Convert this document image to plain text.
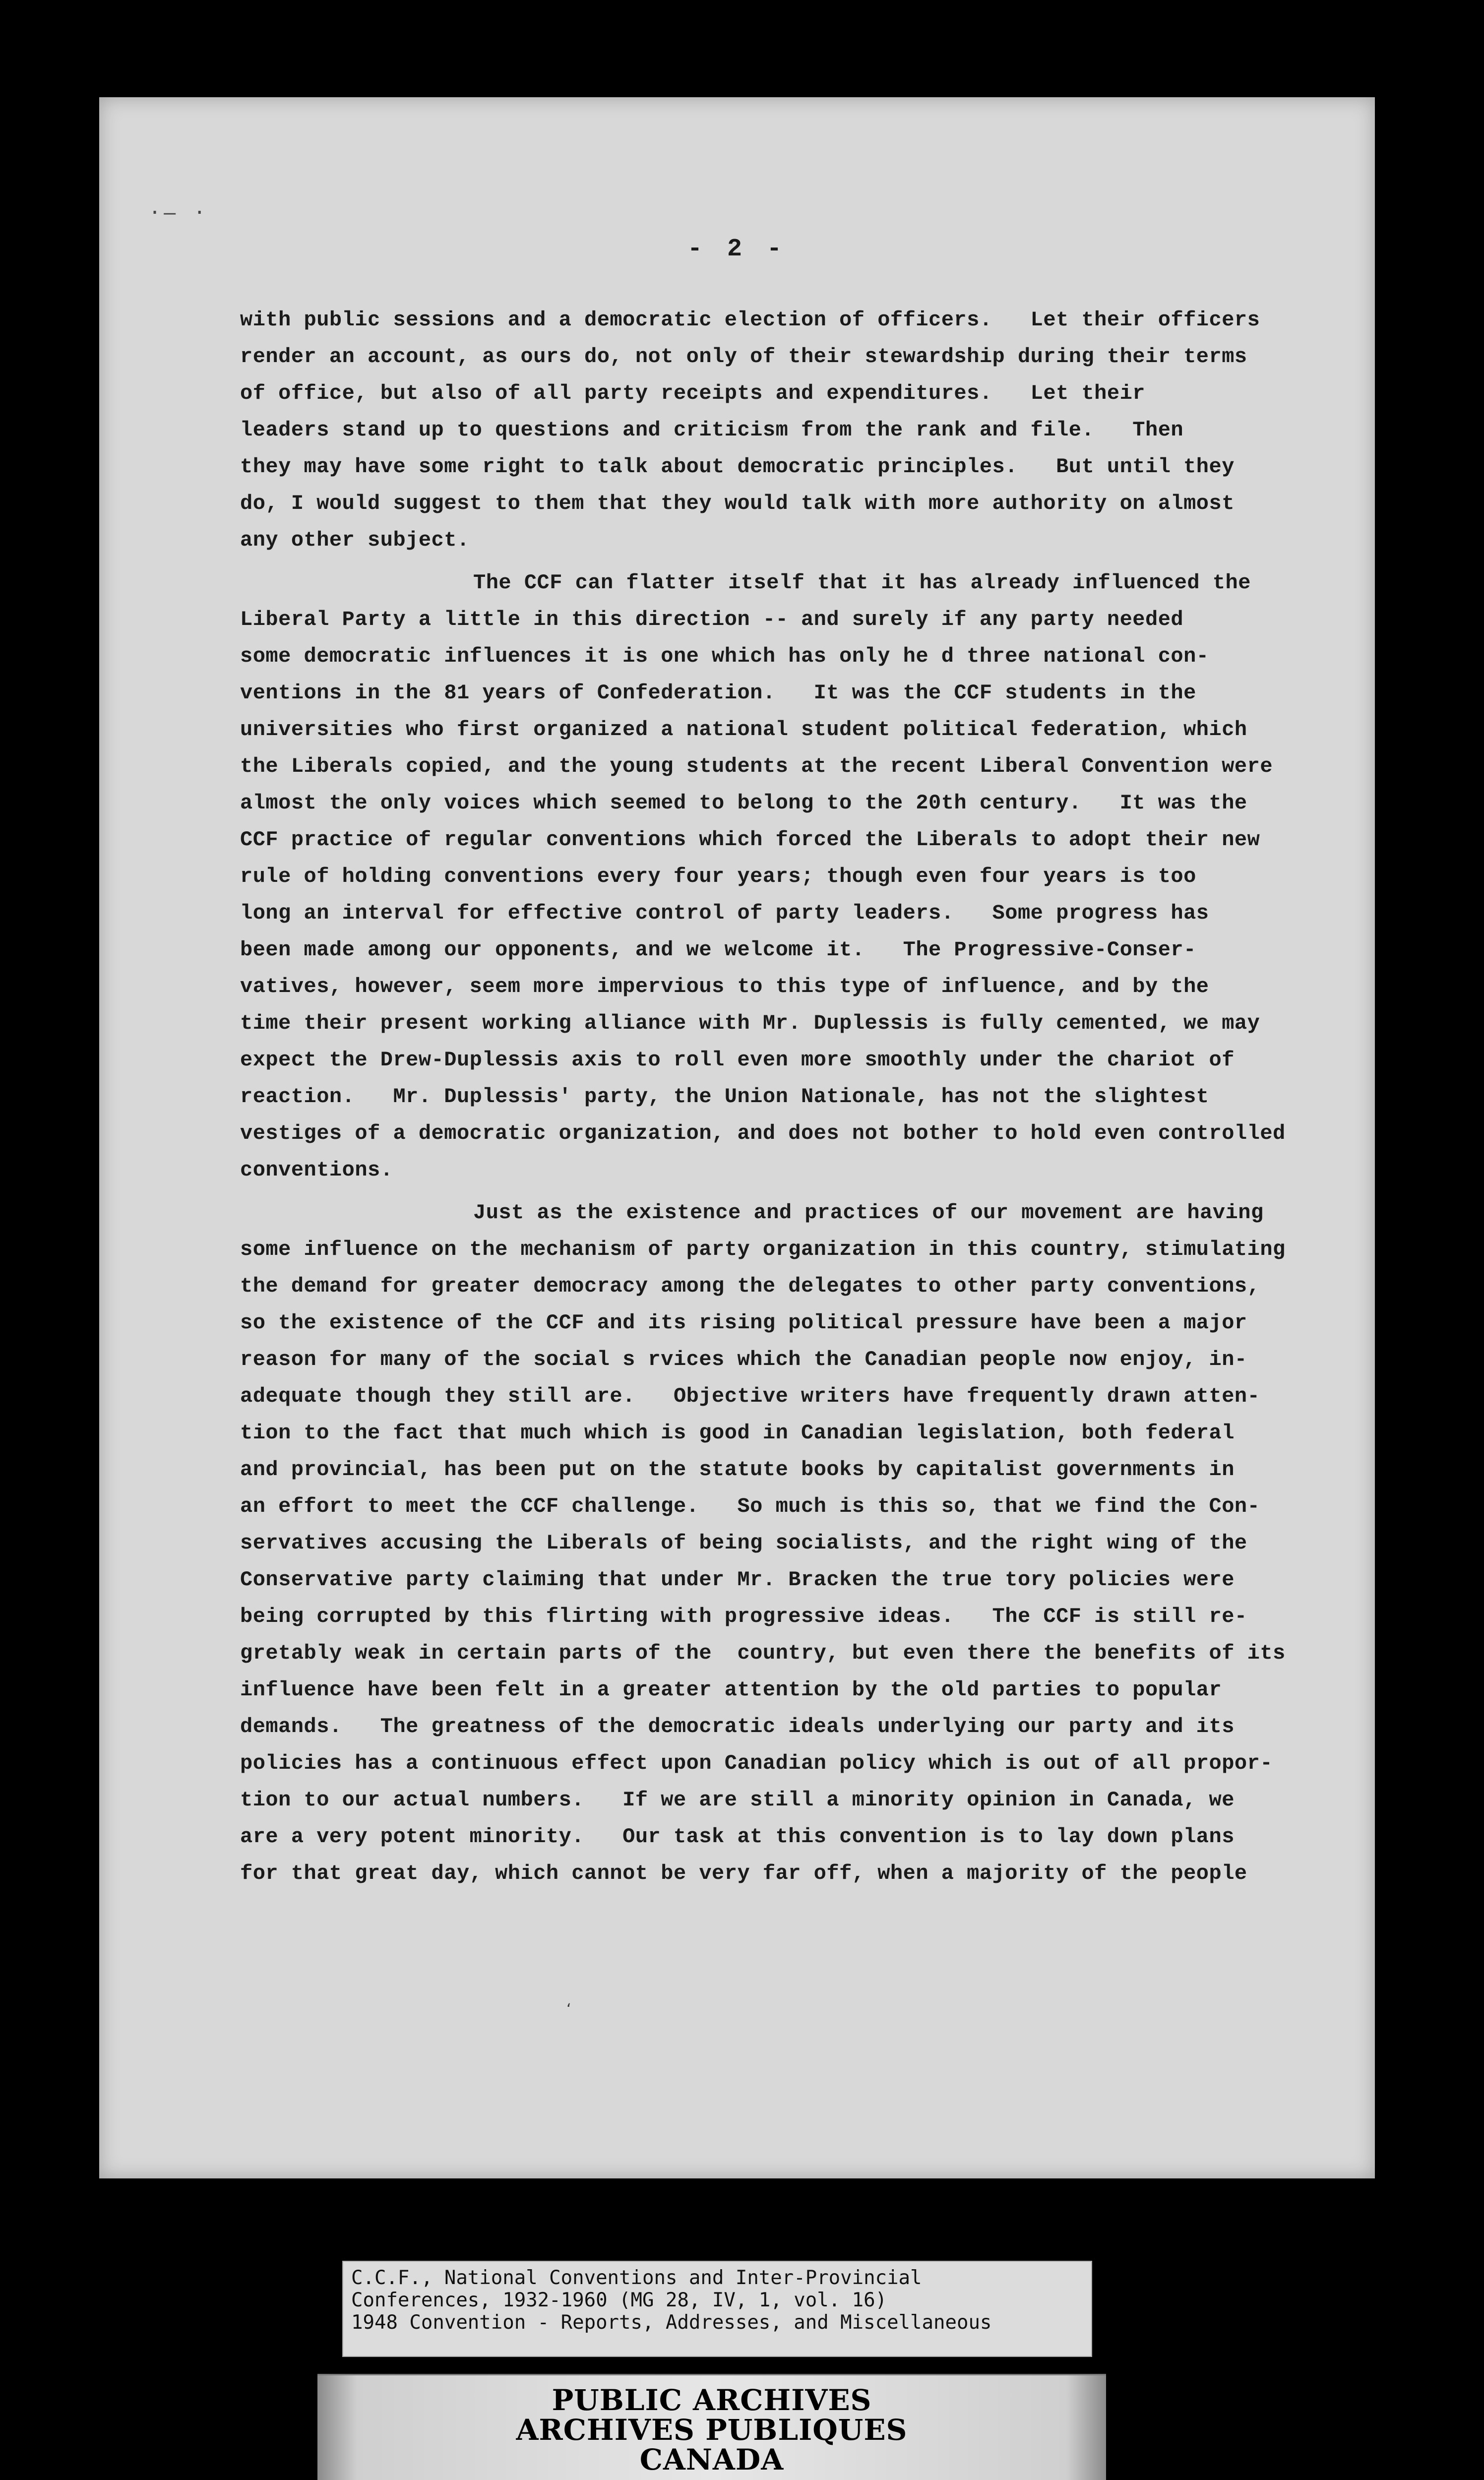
·— ·
- 2 -
with public sessions and a democratic election of officers.   Let their officers
render an account, as ours do, not only of their stewardship during their terms
of office, but also of all party receipts and expenditures.   Let their
leaders stand up to questions and criticism from the rank and file.   Then
they may have some right to talk about democratic principles.   But until they
do, I would suggest to them that they would talk with more authority on almost
any other subject.
The CCF can flatter itself that it has already influenced the
Liberal Party a little in this direction -- and surely if any party needed
some democratic influences it is one which has only he d three national con-
ventions in the 81 years of Confederation.   It was the CCF students in the
universities who first organized a national student political federation, which
the Liberals copied, and the young students at the recent Liberal Convention were
almost the only voices which seemed to belong to the 20th century.   It was the
CCF practice of regular conventions which forced the Liberals to adopt their new
rule of holding conventions every four years; though even four years is too
long an interval for effective control of party leaders.   Some progress has
been made among our opponents, and we welcome it.   The Progressive-Conser-
vatives, however, seem more impervious to this type of influence, and by the
time their present working alliance with Mr. Duplessis is fully cemented, we may
expect the Drew-Duplessis axis to roll even more smoothly under the chariot of
reaction.   Mr. Duplessis' party, the Union Nationale, has not the slightest
vestiges of a democratic organization, and does not bother to hold even controlled
conventions.
Just as the existence and practices of our movement are having
some influence on the mechanism of party organization in this country, stimulating
the demand for greater democracy among the delegates to other party conventions,
so the existence of the CCF and its rising political pressure have been a major
reason for many of the social s rvices which the Canadian people now enjoy, in-
adequate though they still are.   Objective writers have frequently drawn atten-
tion to the fact that much which is good in Canadian legislation, both federal
and provincial, has been put on the statute books by capitalist governments in
an effort to meet the CCF challenge.   So much is this so, that we find the Con-
servatives accusing the Liberals of being socialists, and the right wing of the
Conservative party claiming that under Mr. Bracken the true tory policies were
being corrupted by this flirting with progressive ideas.   The CCF is still re-
gretably weak in certain parts of the  country, but even there the benefits of its
influence have been felt in a greater attention by the old parties to popular
demands.   The greatness of the democratic ideals underlying our party and its
policies has a continuous effect upon Canadian policy which is out of all propor-
tion to our actual numbers.   If we are still a minority opinion in Canada, we
are a very potent minority.   Our task at this convention is to lay down plans
for that great day, which cannot be very far off, when a majority of the people
ʻ
C.C.F., National Conventions and Inter-Provincial
Conferences, 1932-1960 (MG 28, IV, 1, vol. 16)
1948 Convention - Reports, Addresses, and Miscellaneous
PUBLIC ARCHIVES
ARCHIVES PUBLIQUES
CANADA
